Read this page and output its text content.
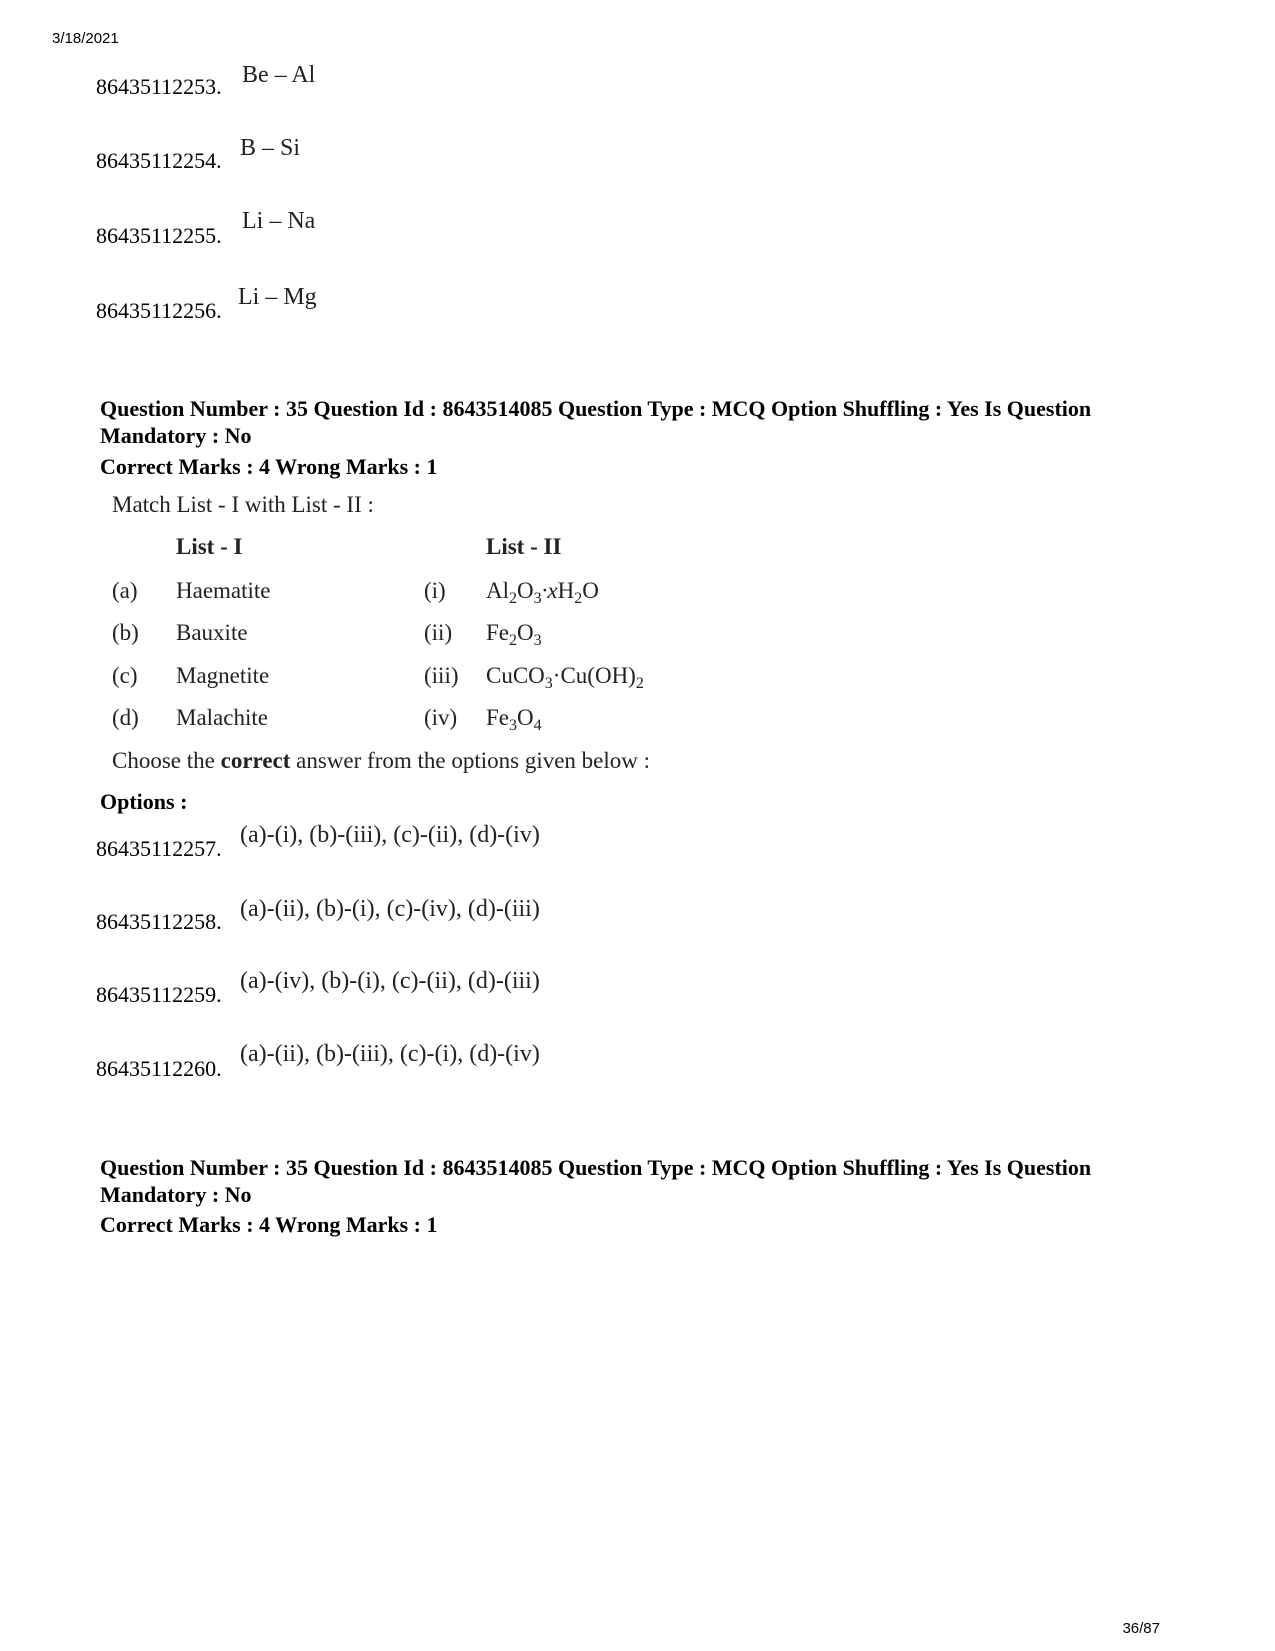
3/18/2021
86435112253. Be – Al
86435112254. B – Si
86435112255.
Li – Na
86435112256.
Li – Mg
Question Number : 35 Question Id : 8643514085 Question Type : MCQ Option Shuffling : Yes Is Question Mandatory : No
Correct Marks : 4 Wrong Marks : 1
Match List - I with List - II :
List - I	List - II
(a) Haematite	(i) $Al_2O_3\cdot xH_2O$
(b) Bauxite	(ii) $Fe_2O_3$
(c) Magnetite	(iii) $CuCO_3\cdot Cu(OH)_2$
(d) Malachite	(iv) $Fe_3O_4$
Choose the correct answer from the options given below :
Options :
86435112257.
(a)-(i), (b)-(iii), (c)-(ii), (d)-(iv)
86435112258. (a)-(ii), (b)-(i), (c)-(iv), (d)-(iii)
86435112259.
(a)-(iv), (b)-(i), (c)-(ii), (d)-(iii)
86435112260.
(a)-(ii), (b)-(iii), (c)-(i), (d)-(iv)
Question Number : 35 Question Id : 8643514085 Question Type : MCQ Option Shuffling : Yes Is Question Mandatory : No
Correct Marks : 4 Wrong Marks : 1
36/87
